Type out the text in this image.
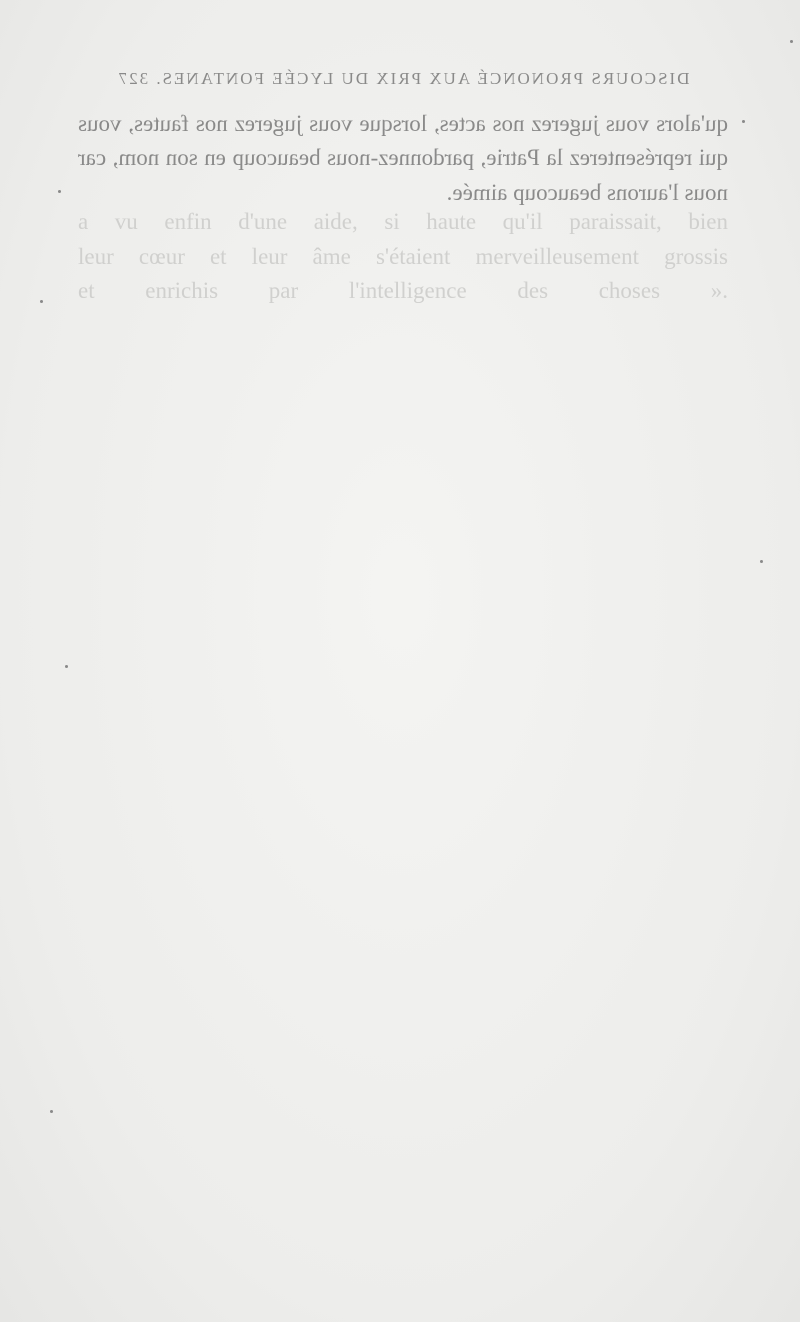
a vu enfin d'une aide, si haute qu'il paraissait, bien
leur cœur et leur âme s'étaient merveilleusement grossis
et enrichis par l'intelligence des choses ».
DISCOURS PRONONCÉ AUX PRIX DU LYCÉE FONTANES. 327

qu'alors vous jugerez nos actes, lorsque vous jugerez nos fautes, vous qui représenterez la Patrie, pardonnez-nous beaucoup en son nom, car nous l'aurons beaucoup aimée.
